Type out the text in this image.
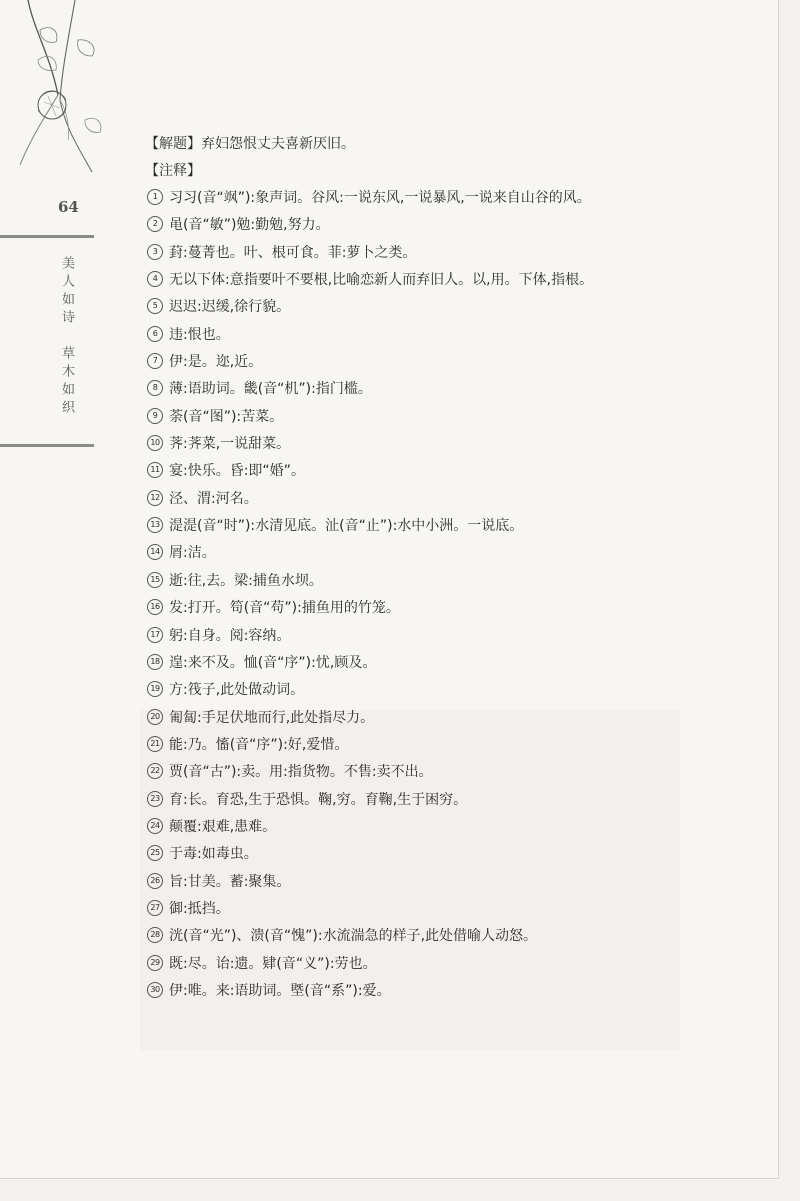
64
美人如诗　草木如织
【解题】弃妇怨恨丈夫喜新厌旧。
【注释】
1 习习(音“飒”):象声词。谷风:一说东风,一说暴风,一说来自山谷的风。
2 黾(音“敏”)勉:勤勉,努力。
3 葑:蔓菁也。叶、根可食。菲:萝卜之类。
4 无以下体:意指要叶不要根,比喻恋新人而弃旧人。以,用。下体,指根。
5 迟迟:迟缓,徐行貌。
6 违:恨也。
7 伊:是。迩,近。
8 薄:语助词。畿(音“机”):指门槛。
9 荼(音“图”):苦菜。
10 荠:荠菜,一说甜菜。
11 宴:快乐。昏:即“婚”。
12 泾、渭:河名。
13 湜湜(音“时”):水清见底。沚(音“止”):水中小洲。一说底。
14 屑:洁。
15 逝:往,去。梁:捕鱼水坝。
16 发:打开。笱(音“苟”):捕鱼用的竹笼。
17 躬:自身。阅:容纳。
18 遑:来不及。恤(音“序”):忧,顾及。
19 方:筏子,此处做动词。
20 匍匐:手足伏地而行,此处指尽力。
21 能:乃。慉(音“序”):好,爱惜。
22 贾(音“古”):卖。用:指货物。不售:卖不出。
23 育:长。育恐,生于恐惧。鞠,穷。育鞠,生于困穷。
24 颠覆:艰难,患难。
25 于毒:如毒虫。
26 旨:甘美。蓄:聚集。
27 御:抵挡。
28 洸(音“光”)、溃(音“愧”):水流湍急的样子,此处借喻人动怒。
29 既:尽。诒:遗。肄(音“义”):劳也。
30 伊:唯。来:语助词。塈(音“系”):爱。
